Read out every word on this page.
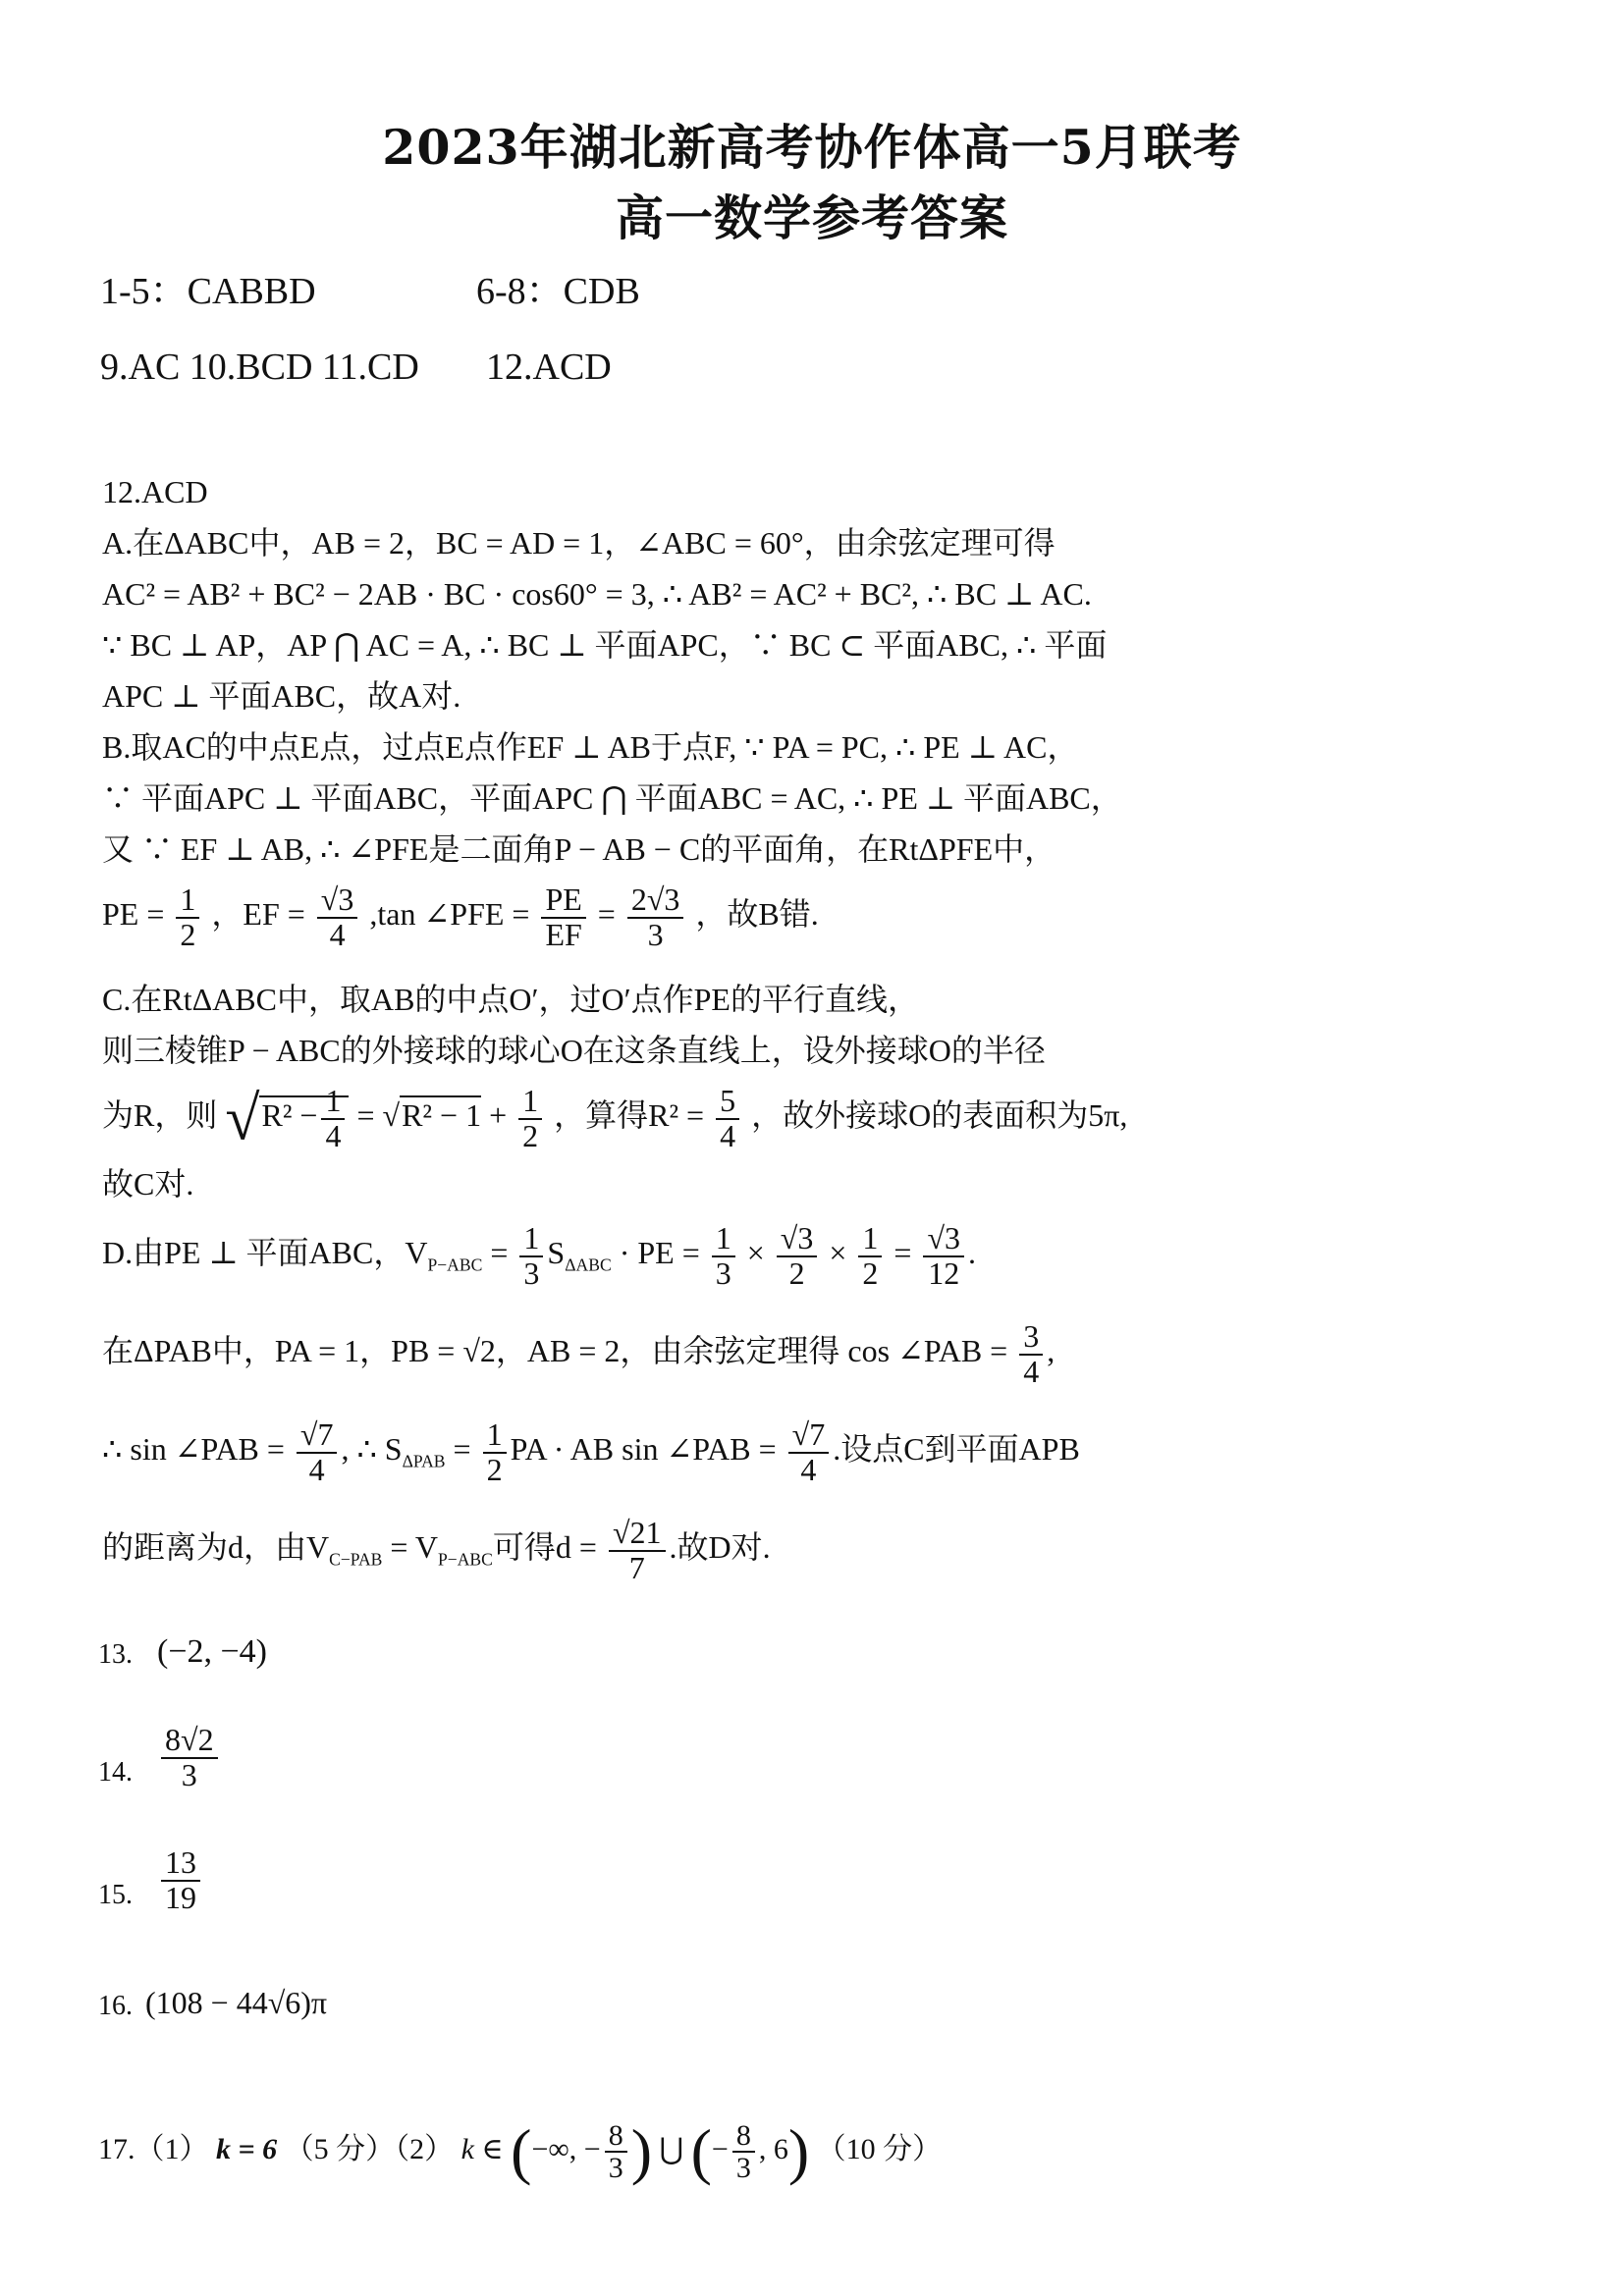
2023年湖北新高考协作体高一5月联考
高一数学参考答案
1-5：CABBD	6-8：CDB
9.AC 10.BCD 11.CD 12.ACD
12.ACD
A.在ΔABC中，AB = 2，BC = AD = 1，∠ABC = 60°，由余弦定理可得
AC² = AB² + BC² − 2AB · BC · cos60° = 3, ∴ AB² = AC² + BC², ∴ BC ⊥ AC.
∵ BC ⊥ AP，AP ⋂ AC = A, ∴ BC ⊥ 平面APC，∵ BC ⊂ 平面ABC, ∴ 平面
APC ⊥ 平面ABC，故A对.
B.取AC的中点E点，过点E点作EF ⊥ AB于点F, ∵ PA = PC, ∴ PE ⊥ AC，
∵ 平面APC ⊥ 平面ABC，平面APC ⋂ 平面ABC = AC, ∴ PE ⊥ 平面ABC，
又 ∵ EF ⊥ AB, ∴ ∠PFE是二面角P − AB − C的平面角，在RtΔPFE中，
PE = $\frac{1}{2}$ ，EF = $\frac{√3}{4} ,\tan$ ∠PFE = $\frac{PE}{EF} = \frac{2√3}{3}$ ，故B错.
C.在RtΔABC中，取AB的中点O′，过O′点作PE的平行直线，
则三棱锥P − ABC的外接球的球心O在这条直线上，设外接球O的半径
为R，则 $√R^2 - \frac{1}{4} = √R^2 - 1 + \frac{1}{2}$ ，算得$R^2 = \frac{5}{4}$ ，故外接球O的表面积为5π,
故C对.
D.由PE ⊥ 平面ABC，$V_{P-ABC} = \frac{1}{3} S_{\Delta ABC}$ · PE = $\frac{1}{3} \times \frac{√3}{2} \times \frac{1}{2} = \frac{√3}{12}$ .
在ΔPAB中，PA = 1，PB = √2，AB = 2，由余弦定理得 cos ∠PAB = $\frac{3}{4}$ ,
∴ sin ∠PAB = $\frac{√7}{4}$ , ∴ $S_{\Delta PAB} = \frac{1}{2}$ PA · AB sin ∠PAB = $\frac{√7}{4}$ .设点C到平面APB
的距离为d，由$V_{C-PAB} = V_{P-ABC}$可得$d = \frac{√21}{7}$ .故D对.
13. (−2, −4)
14. $\frac{8√2}{3}$
15. $\frac{13}{19}$
16. (108 − 44√6)π
17.（1） k = 6 （5 分）（2） k ∈ (−∞, − $\frac{8}{3}$ ) ⋃ (− $\frac{8}{3}$ , 6) （10 分）
